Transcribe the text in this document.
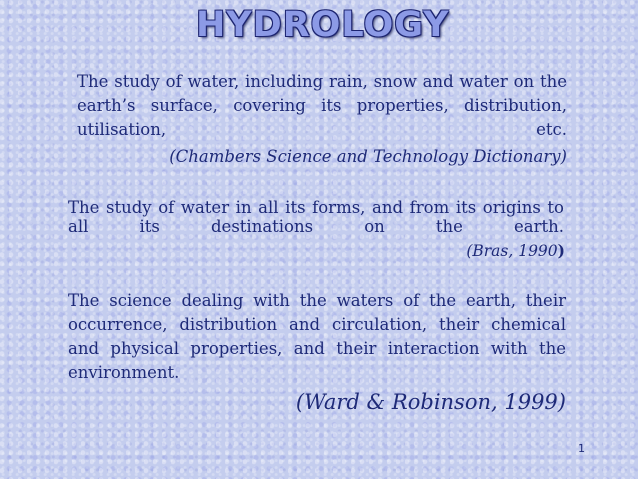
HYDROLOGY

The study of water, including rain, snow and water on the earth’s surface, covering its properties, distribution, utilisation, etc.

(Chambers Science and Technology Dictionary)

The study of water in all its forms, and from its origins to all its destinations on the earth.

(Bras, 1990)

The science dealing with the waters of the earth, their occurrence, distribution and circulation, their chemical and physical properties, and their interaction with the environment.

(Ward & Robinson, 1999)
1
